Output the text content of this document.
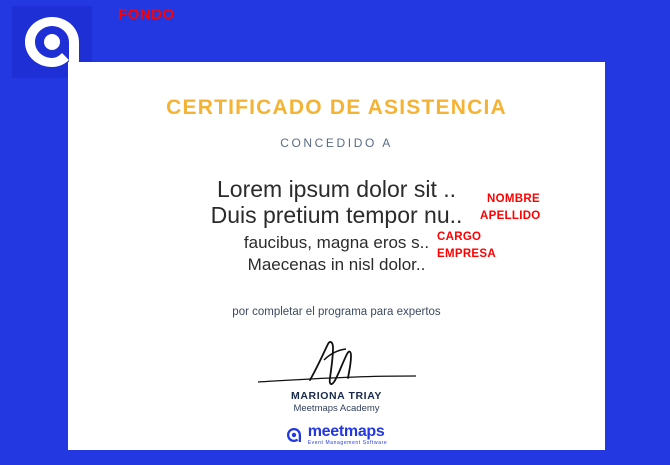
FONDO
CERTIFICADO DE ASISTENCIA
CONCEDIDO A
Lorem ipsum dolor sit ..
Duis pretium tempor nu..
faucibus, magna eros s..
Maecenas in nisl dolor..
por completar el programa para expertos
MARIONA TRIAY
Meetmaps Academy
meetmaps
Event Management Software
NOMBRE
APELLIDO
CARGO
EMPRESA
